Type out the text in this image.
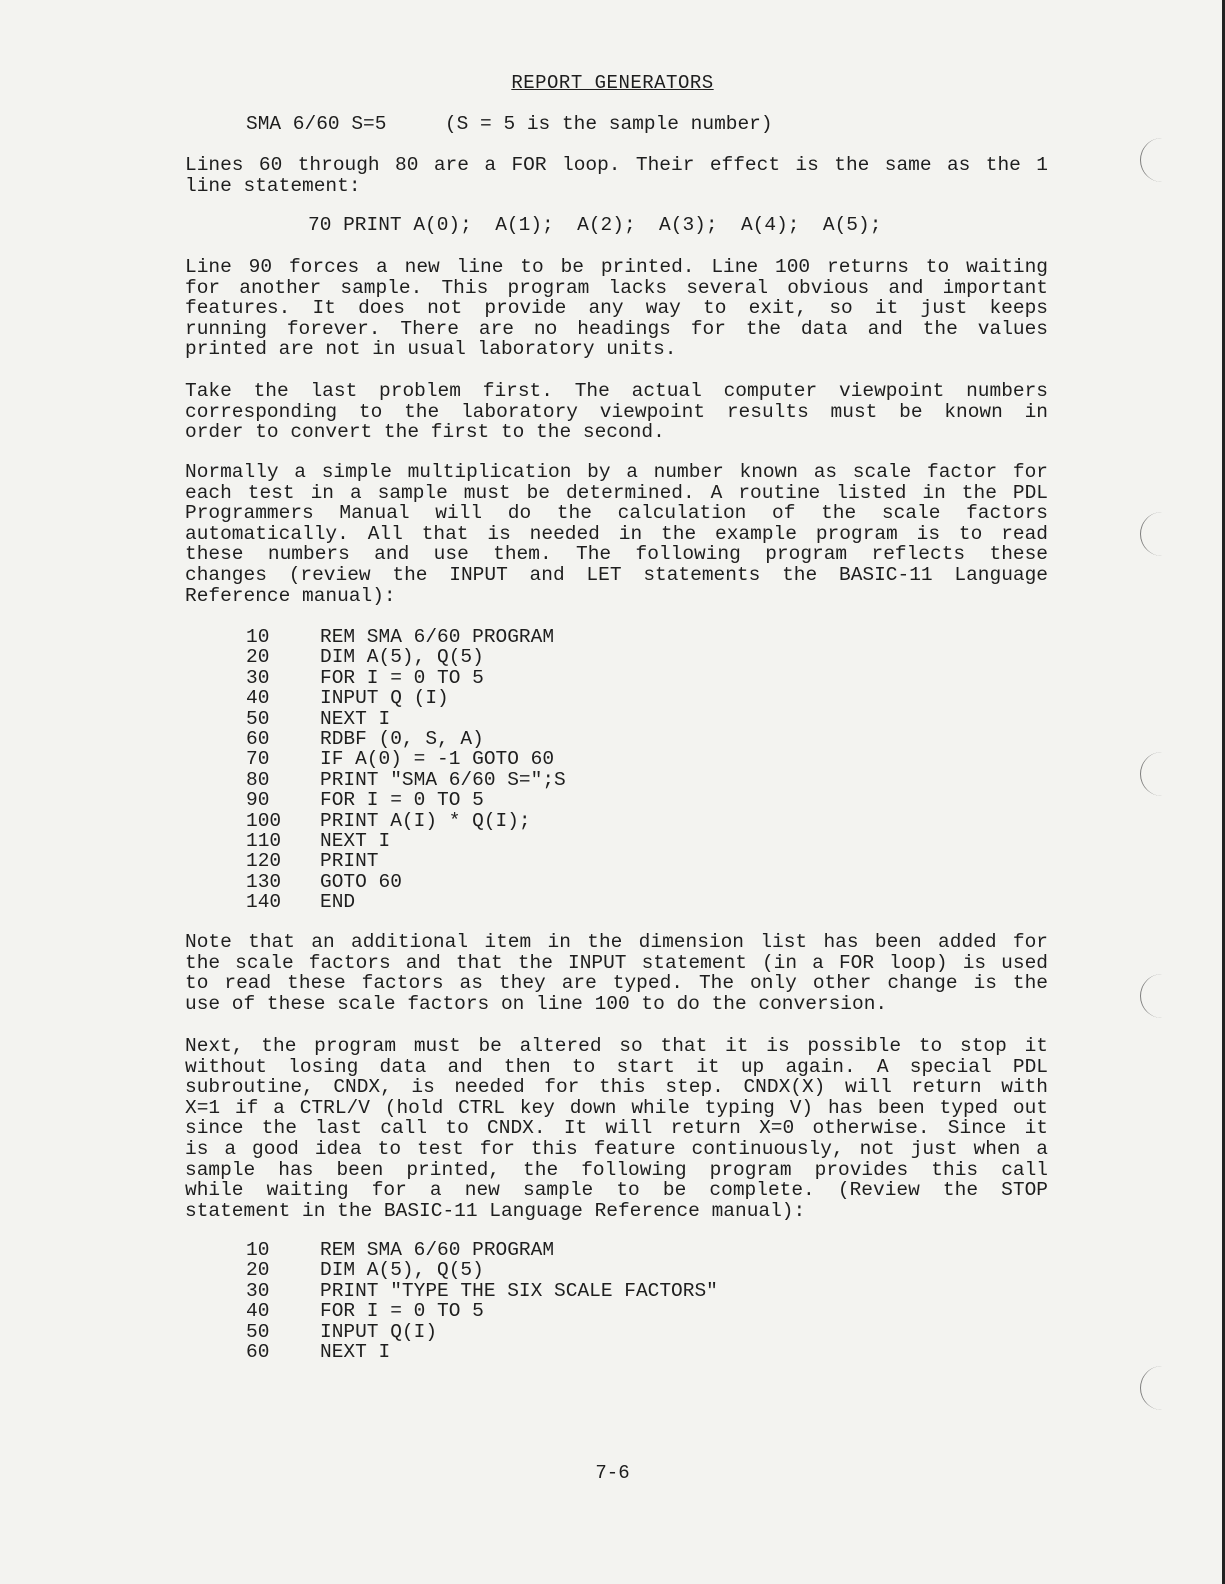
REPORT GENERATORS
SMA 6/60 S=5     (S = 5 is the sample number)
Lines 60 through 80 are a FOR loop. Their effect is the same as the 1
line statement:
70 PRINT A(0);  A(1);  A(2);  A(3);  A(4);  A(5);
Line 90 forces a new line to be printed. Line 100 returns to waiting
for another sample. This program lacks several obvious and important
features. It does not provide any way to exit, so it just keeps
running forever. There are no headings for the data and the values
printed are not in usual laboratory units.
Take the last problem first. The actual computer viewpoint numbers
corresponding to the laboratory viewpoint results must be known in
order to convert the first to the second.
Normally a simple multiplication by a number known as scale factor for
each test in a sample must be determined. A routine listed in the PDL
Programmers Manual will do the calculation of the scale factors
automatically. All that is needed in the example program is to read
these numbers and use them. The following program reflects these
changes (review the INPUT and LET statements the BASIC-11 Language
Reference manual):
10	REM SMA 6/60 PROGRAM
20	DIM A(5), Q(5)
30	FOR I = 0 TO 5
40	INPUT Q (I)
50	NEXT I
60	RDBF (0, S, A)
70	IF A(0) = -1 GOTO 60
80	PRINT "SMA 6/60 S=";S
90	FOR I = 0 TO 5
100	PRINT A(I) * Q(I);
110	NEXT I
120	PRINT
130	GOTO 60
140	END
Note that an additional item in the dimension list has been added for
the scale factors and that the INPUT statement (in a FOR loop) is used
to read these factors as they are typed. The only other change is the
use of these scale factors on line 100 to do the conversion.
Next, the program must be altered so that it is possible to stop it
without losing data and then to start it up again. A special PDL
subroutine, CNDX, is needed for this step. CNDX(X) will return with
X=1 if a CTRL/V (hold CTRL key down while typing V) has been typed out
since the last call to CNDX. It will return X=0 otherwise. Since it
is a good idea to test for this feature continuously, not just when a
sample has been printed, the following program provides this call
while waiting for a new sample to be complete. (Review the STOP
statement in the BASIC-11 Language Reference manual):
10	REM SMA 6/60 PROGRAM
20	DIM A(5), Q(5)
30	PRINT "TYPE THE SIX SCALE FACTORS"
40	FOR I = 0 TO 5
50	INPUT Q(I)
60	NEXT I
7-6
